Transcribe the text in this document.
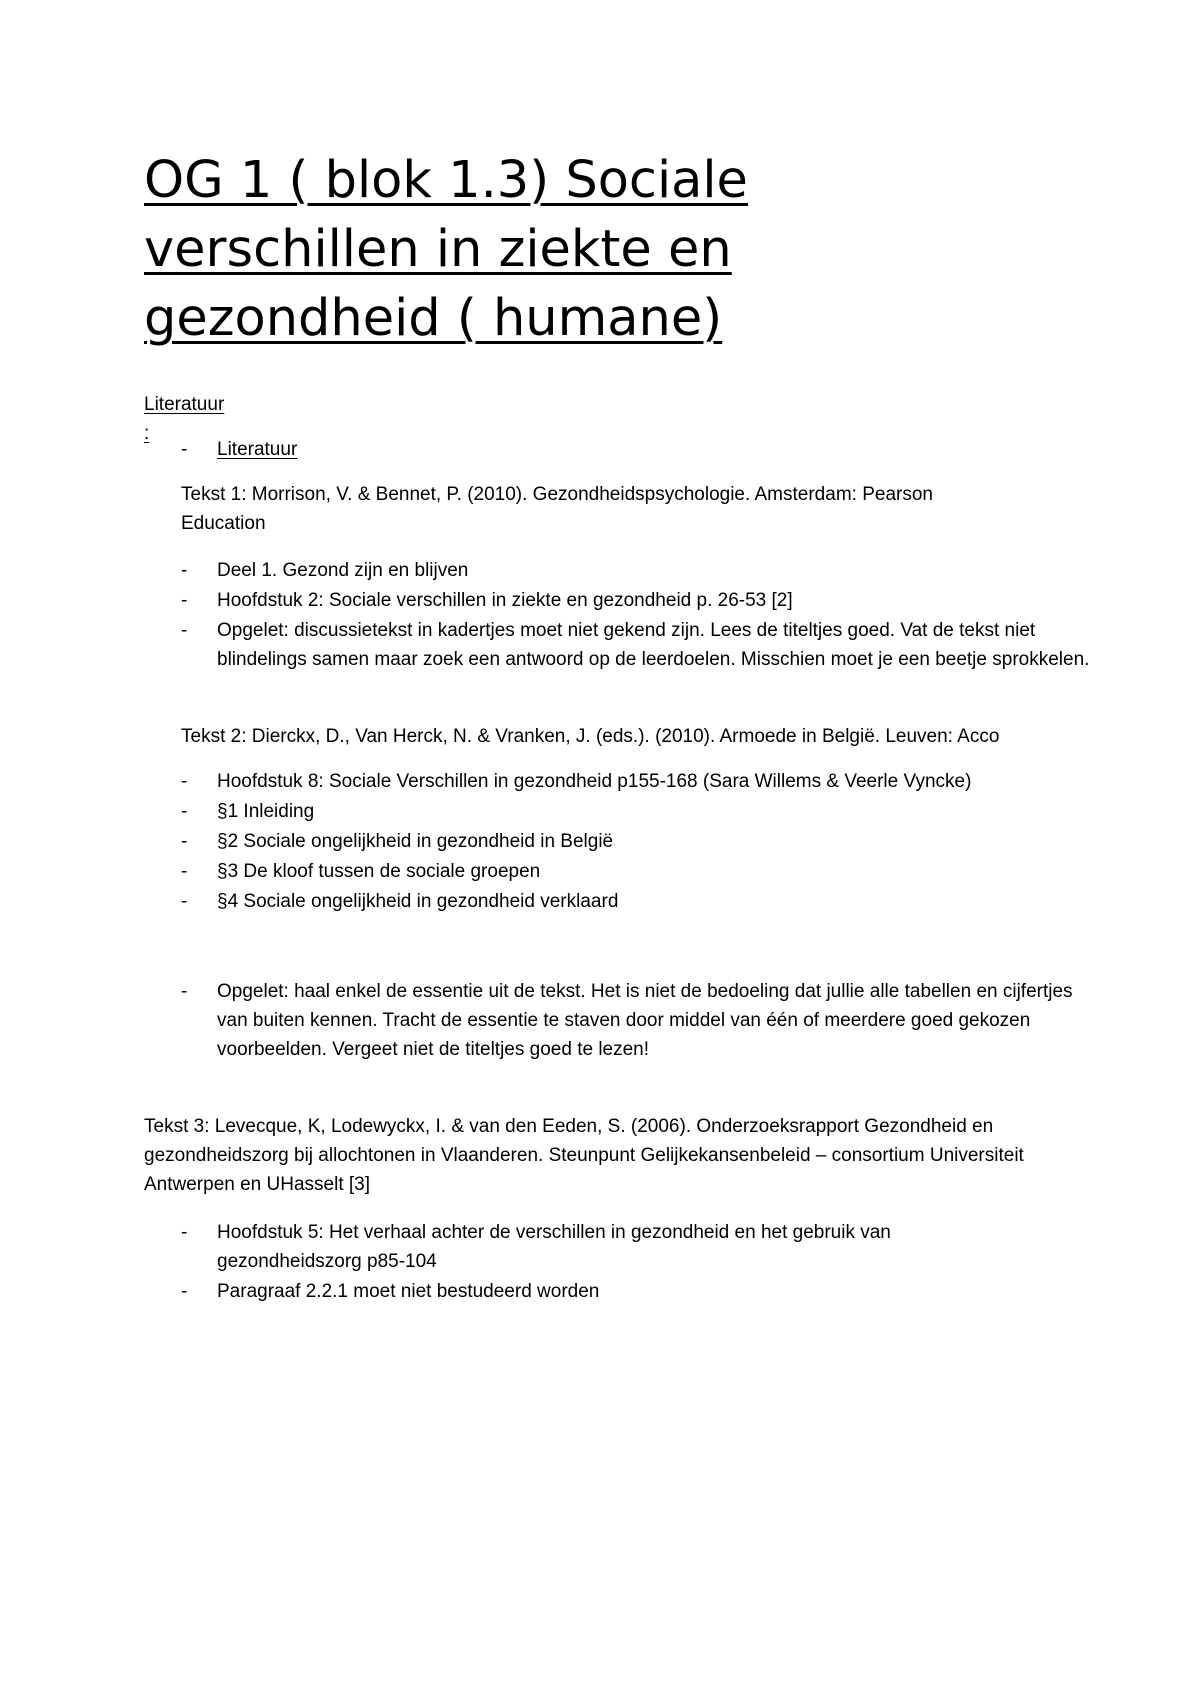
OG 1 ( blok 1.3) Sociale verschillen in ziekte en gezondheid ( humane)

Literatuur :

- Literatuur

Tekst 1: Morrison, V. & Bennet, P. (2010). Gezondheidspsychologie. Amsterdam: Pearson Education

- Deel 1. Gezond zijn en blijven
- Hoofdstuk 2: Sociale verschillen in ziekte en gezondheid p. 26-53 [2]
- Opgelet: discussietekst in kadertjes moet niet gekend zijn. Lees de titeltjes goed. Vat de tekst niet blindelings samen maar zoek een antwoord op de leerdoelen. Misschien moet je een beetje sprokkelen.

Tekst 2: Dierckx, D., Van Herck, N. & Vranken, J. (eds.). (2010). Armoede in België. Leuven: Acco

- Hoofdstuk 8: Sociale Verschillen in gezondheid p155-168 (Sara Willems & Veerle Vyncke)
- §1 Inleiding
- §2 Sociale ongelijkheid in gezondheid in België
- §3 De kloof tussen de sociale groepen
- §4 Sociale ongelijkheid in gezondheid verklaard
- Opgelet: haal enkel de essentie uit de tekst. Het is niet de bedoeling dat jullie alle tabellen en cijfertjes van buiten kennen. Tracht de essentie te staven door middel van één of meerdere goed gekozen voorbeelden. Vergeet niet de titeltjes goed te lezen!

Tekst 3: Levecque, K, Lodewyckx, I. & van den Eeden, S. (2006). Onderzoeksrapport Gezondheid en gezondheidszorg bij allochtonen in Vlaanderen. Steunpunt Gelijkekansenbeleid – consortium Universiteit Antwerpen en UHasselt [3]

- Hoofdstuk 5: Het verhaal achter de verschillen in gezondheid en het gebruik van gezondheidszorg p85-104
- Paragraaf 2.2.1 moet niet bestudeerd worden
